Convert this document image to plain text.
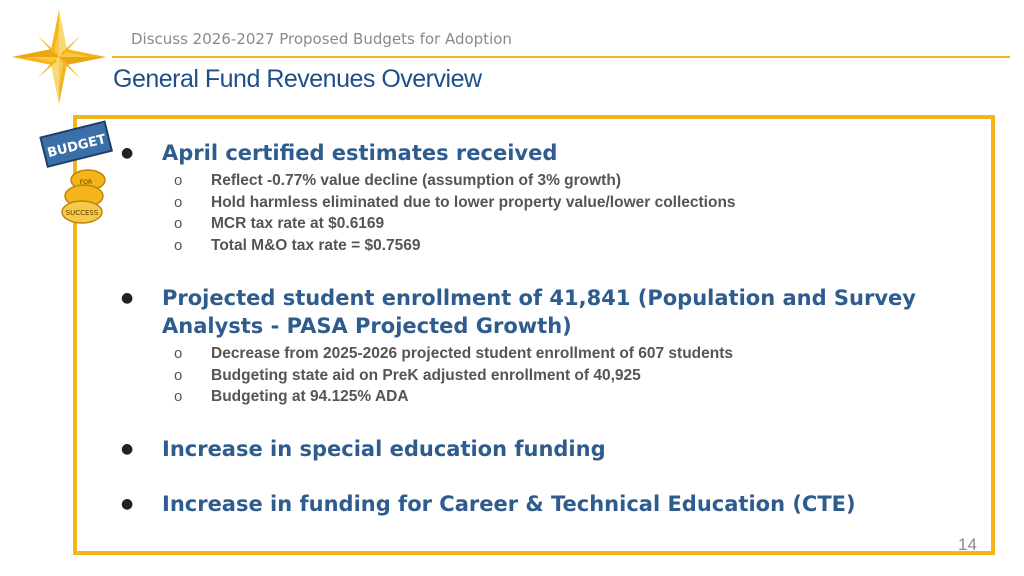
Discuss 2026-2027 Proposed Budgets for Adoption
General Fund Revenues Overview
BUDGET
FOR
SUCCESS
● April certified estimates received
o Reflect -0.77% value decline (assumption of 3% growth)
o Hold harmless eliminated due to lower property value/lower collections
o MCR tax rate at $0.6169
o Total M&O tax rate = $0.7569
● Projected student enrollment of 41,841 (Population and Survey
Analysts - PASA Projected Growth)
o Decrease from 2025-2026 projected student enrollment of 607 students
o Budgeting state aid on PreK adjusted enrollment of 40,925
o Budgeting at 94.125% ADA
● Increase in special education funding
● Increase in funding for Career & Technical Education (CTE)
14
